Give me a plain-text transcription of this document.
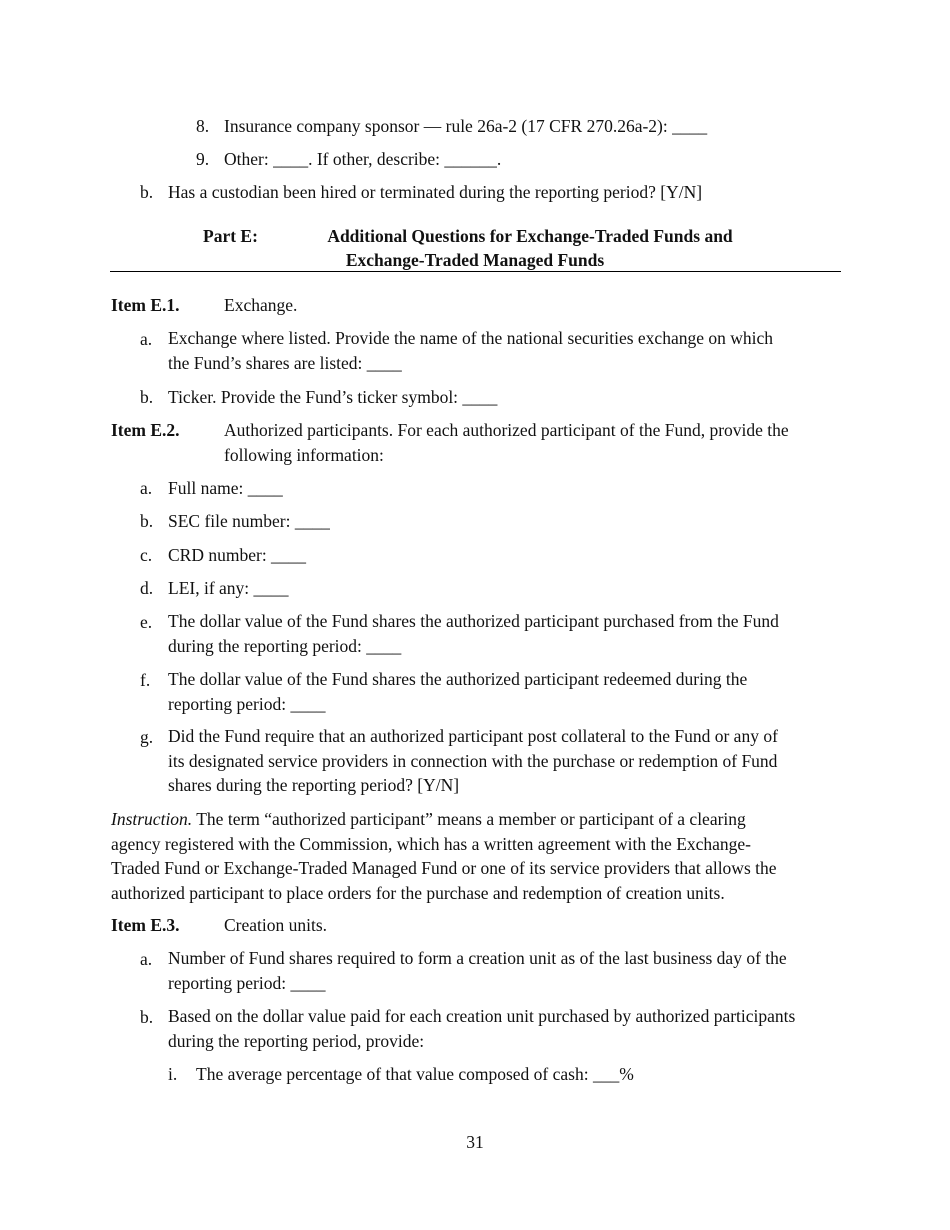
8. Insurance company sponsor — rule 26a-2 (17 CFR 270.26a-2): ____
9. Other: ____. If other, describe: ______.
b. Has a custodian been hired or terminated during the reporting period? [Y/N]
Part E:	Additional Questions for Exchange-Traded Funds and
Exchange-Traded Managed Funds
Item E.1.	Exchange.
a. Exchange where listed. Provide the name of the national securities exchange on which
the Fund’s shares are listed: ____
b. Ticker. Provide the Fund’s ticker symbol: ____
Item E.2.	Authorized participants. For each authorized participant of the Fund, provide the
following information:
a. Full name: ____
b. SEC file number: ____
c. CRD number: ____
d. LEI, if any: ____
e. The dollar value of the Fund shares the authorized participant purchased from the Fund
during the reporting period: ____
f. The dollar value of the Fund shares the authorized participant redeemed during the
reporting period: ____
g. Did the Fund require that an authorized participant post collateral to the Fund or any of
its designated service providers in connection with the purchase or redemption of Fund
shares during the reporting period? [Y/N]
Instruction. The term “authorized participant” means a member or participant of a clearing
agency registered with the Commission, which has a written agreement with the Exchange-
Traded Fund or Exchange-Traded Managed Fund or one of its service providers that allows the
authorized participant to place orders for the purchase and redemption of creation units.
Item E.3.	Creation units.
a. Number of Fund shares required to form a creation unit as of the last business day of the
reporting period: ____
b. Based on the dollar value paid for each creation unit purchased by authorized participants
during the reporting period, provide:
i. The average percentage of that value composed of cash: ___%
31
